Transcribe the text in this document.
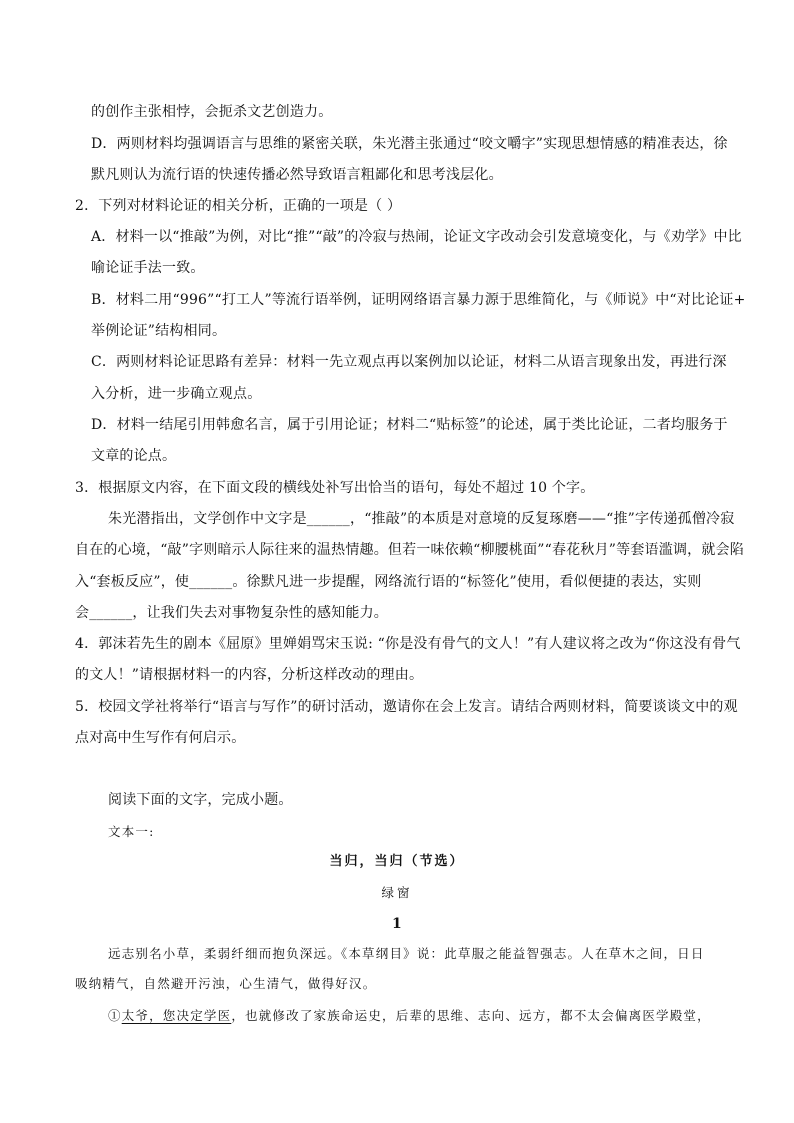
的创作主张相悖，会扼杀文艺创造力。
D．两则材料均强调语言与思维的紧密关联，朱光潜主张通过“咬文嚼字”实现思想情感的精准表达，徐
默凡则认为流行语的快速传播必然导致语言粗鄙化和思考浅层化。
2．下列对材料论证的相关分析，正确的一项是（ ）
A．材料一以“推敲”为例，对比“推”“敲”的冷寂与热闹，论证文字改动会引发意境变化，与《劝学》中比
喻论证手法一致。
B．材料二用“996”“打工人”等流行语举例，证明网络语言暴力源于思维简化，与《师说》中“对比论证+
举例论证”结构相同。
C．两则材料论证思路有差异：材料一先立观点再以案例加以论证，材料二从语言现象出发，再进行深
入分析，进一步确立观点。
D．材料一结尾引用韩愈名言，属于引用论证；材料二“贴标签”的论述，属于类比论证，二者均服务于
文章的论点。
3．根据原文内容，在下面文段的横线处补写出恰当的语句，每处不超过 10 个字。
朱光潜指出，文学创作中文字是______，“推敲”的本质是对意境的反复琢磨——“推”字传递孤僧冷寂
自在的心境，“敲”字则暗示人际往来的温热情趣。但若一味依赖“柳腰桃面”“春花秋月”等套语滥调，就会陷
入“套板反应”，使______。徐默凡进一步提醒，网络流行语的“标签化”使用，看似便捷的表达，实则
会______，让我们失去对事物复杂性的感知能力。
4．郭沫若先生的剧本《屈原》里婵娟骂宋玉说: “你是没有骨气的文人！”有人建议将之改为“你这没有骨气
的文人！”请根据材料一的内容，分析这样改动的理由。
5．校园文学社将举行“语言与写作”的研讨活动，邀请你在会上发言。请结合两则材料，简要谈谈文中的观
点对高中生写作有何启示。
阅读下面的文字，完成小题。
文本一:
当归，当归（节选）
绿窗
1
远志别名小草，柔弱纤细而抱负深远。《本草纲目》说：此草服之能益智强志。人在草木之间，日日
吸纳精气，自然避开污浊，心生清气，做得好汉。
①太爷，您决定学医，也就修改了家族命运史，后辈的思维、志向、远方，都不太会偏离医学殿堂，
